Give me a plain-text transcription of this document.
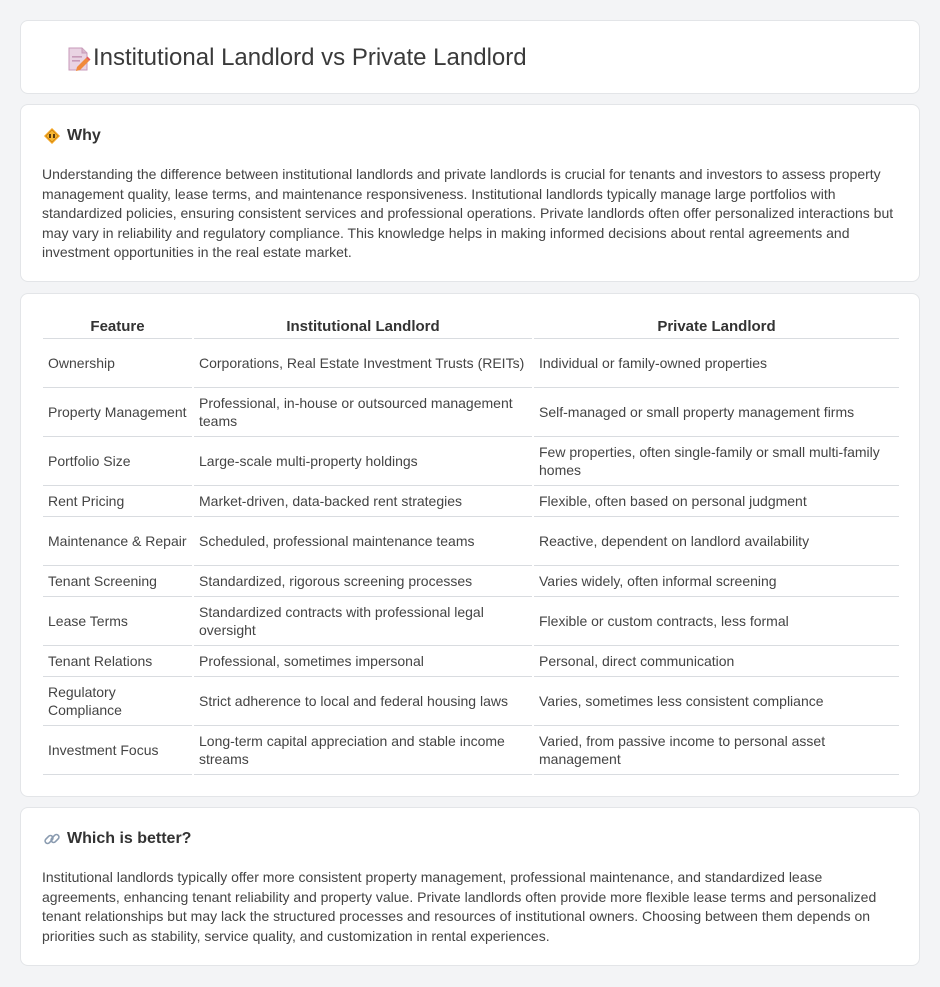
Institutional Landlord vs Private Landlord
Why

Understanding the difference between institutional landlords and private landlords is crucial for tenants and investors to assess property management quality, lease terms, and maintenance responsiveness. Institutional landlords typically manage large portfolios with standardized policies, ensuring consistent services and professional operations. Private landlords often offer personalized interactions but may vary in reliability and regulatory compliance. This knowledge helps in making informed decisions about rental agreements and investment opportunities in the real estate market.

Feature	Institutional Landlord	Private Landlord
Ownership	Corporations, Real Estate Investment Trusts (REITs)	Individual or family-owned properties
Property Management	Professional, in-house or outsourced management teams	Self-managed or small property management firms
Portfolio Size	Large-scale multi-property holdings	Few properties, often single-family or small multi-family homes
Rent Pricing	Market-driven, data-backed rent strategies	Flexible, often based on personal judgment
Maintenance & Repair	Scheduled, professional maintenance teams	Reactive, dependent on landlord availability
Tenant Screening	Standardized, rigorous screening processes	Varies widely, often informal screening
Lease Terms	Standardized contracts with professional legal oversight	Flexible or custom contracts, less formal
Tenant Relations	Professional, sometimes impersonal	Personal, direct communication
Regulatory Compliance	Strict adherence to local and federal housing laws	Varies, sometimes less consistent compliance
Investment Focus	Long-term capital appreciation and stable income streams	Varied, from passive income to personal asset management
Which is better?

Institutional landlords typically offer more consistent property management, professional maintenance, and standardized lease agreements, enhancing tenant reliability and property value. Private landlords often provide more flexible lease terms and personalized tenant relationships but may lack the structured processes and resources of institutional owners. Choosing between them depends on priorities such as stability, service quality, and customization in rental experiences.
